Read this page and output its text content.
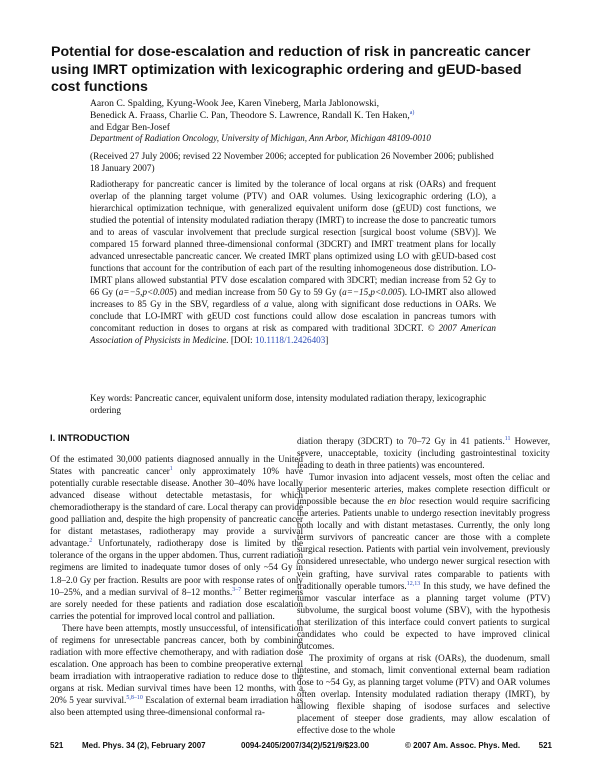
Potential for dose-escalation and reduction of risk in pancreatic cancer using IMRT optimization with lexicographic ordering and gEUD-based cost functions
Aaron C. Spalding, Kyung-Wook Jee, Karen Vineberg, Marla Jablonowski,
Benedick A. Fraass, Charlie C. Pan, Theodore S. Lawrence, Randall K. Ten Haken,$^{a)}$
and Edgar Ben-Josef
Department of Radiation Oncology, University of Michigan, Ann Arbor, Michigan 48109-0010
(Received 27 July 2006; revised 22 November 2006; accepted for publication 26 November 2006; published 18 January 2007)

Radiotherapy for pancreatic cancer is limited by the tolerance of local organs at risk (OARs) and frequent overlap of the planning target volume (PTV) and OAR volumes. Using lexicographic ordering (LO), a hierarchical optimization technique, with generalized equivalent uniform dose (gEUD) cost functions, we studied the potential of intensity modulated radiation therapy (IMRT) to increase the dose to pancreatic tumors and to areas of vascular involvement that preclude surgical resection [surgical boost volume (SBV)]. We compared 15 forward planned three-dimensional conformal (3DCRT) and IMRT treatment plans for locally advanced unresectable pancreatic cancer. We created IMRT plans optimized using LO with gEUD-based cost functions that account for the contribution of each part of the resulting inhomogeneous dose distribution. LO-IMRT plans allowed substantial PTV dose escalation compared with 3DCRT; median increase from 52 Gy to 66 Gy (a=−5,p<0.005) and median increase from 50 Gy to 59 Gy (a=−15,p<0.005). LO-IMRT also allowed increases to 85 Gy in the SBV, regardless of a value, along with significant dose reductions in OARs. We conclude that LO-IMRT with gEUD cost functions could allow dose escalation in pancreas tumors with concomitant reduction in doses to organs at risk as compared with traditional 3DCRT. © 2007 American Association of Physicists in Medicine. [DOI: 10.1118/1.2426403]

Key words: Pancreatic cancer, equivalent uniform dose, intensity modulated radiation therapy, lexicographic ordering

I. INTRODUCTION

Of the estimated 30,000 patients diagnosed annually in the United States with pancreatic cancer$^1$ only approximately 10% have potentially curable resectable disease. Another 30–40% have locally advanced disease without detectable metastasis, for which chemoradiotherapy is the standard of care. Local therapy can provide good palliation and, despite the high propensity of pancreatic cancer for distant metastases, radiotherapy may provide a survival advantage.$^2$ Unfortunately, radiotherapy dose is limited by the tolerance of the organs in the upper abdomen. Thus, current radiation regimens are limited to inadequate tumor doses of only ~54 Gy in 1.8–2.0 Gy per fraction. Results are poor with response rates of only 10–25%, and a median survival of 8–12 months.$^{3-7}$ Better regimens are sorely needed for these patients and radiation dose escalation carries the potential for improved local control and palliation.

There have been attempts, mostly unsuccessful, of intensification of regimens for unresectable pancreas cancer, both by combining radiation with more effective chemotherapy, and with radiation dose escalation. One approach has been to combine preoperative external beam irradiation with intraoperative radiation to reduce dose to the organs at risk. Median survival times have been 12 months, with a 20% 5 year survival.$^{5,8-10}$ Escalation of external beam irradiation has also been attempted using three-dimensional conformal ra-

diation therapy (3DCRT) to 70–72 Gy in 41 patients.$^{11}$ However, severe, unacceptable, toxicity (including gastrointestinal toxicity leading to death in three patients) was encountered.

Tumor invasion into adjacent vessels, most often the celiac and superior mesenteric arteries, makes complete resection difficult or impossible because the en bloc resection would require sacrificing the arteries. Patients unable to undergo resection inevitably progress both locally and with distant metastases. Currently, the only long term survivors of pancreatic cancer are those with a complete surgical resection. Patients with partial vein involvement, previously considered unresectable, who undergo newer surgical resection with vein grafting, have survival rates comparable to patients with traditionally operable tumors.$^{12,13}$ In this study, we have defined the tumor vascular interface as a planning target volume (PTV) subvolume, the surgical boost volume (SBV), with the hypothesis that sterilization of this interface could convert patients to surgical candidates who could be expected to have improved clinical outcomes.

The proximity of organs at risk (OARs), the duodenum, small intestine, and stomach, limit conventional external beam radiation dose to ~54 Gy, as planning target volume (PTV) and OAR volumes often overlap. Intensity modulated radiation therapy (IMRT), by allowing flexible shaping of isodose surfaces and selective placement of steeper dose gradients, may allow escalation of effective dose to the whole

521 Med. Phys. 34 (2), February 2007	0094-2405/2007/34(2)/521/9/$23.00	© 2007 Am. Assoc. Phys. Med. 521
